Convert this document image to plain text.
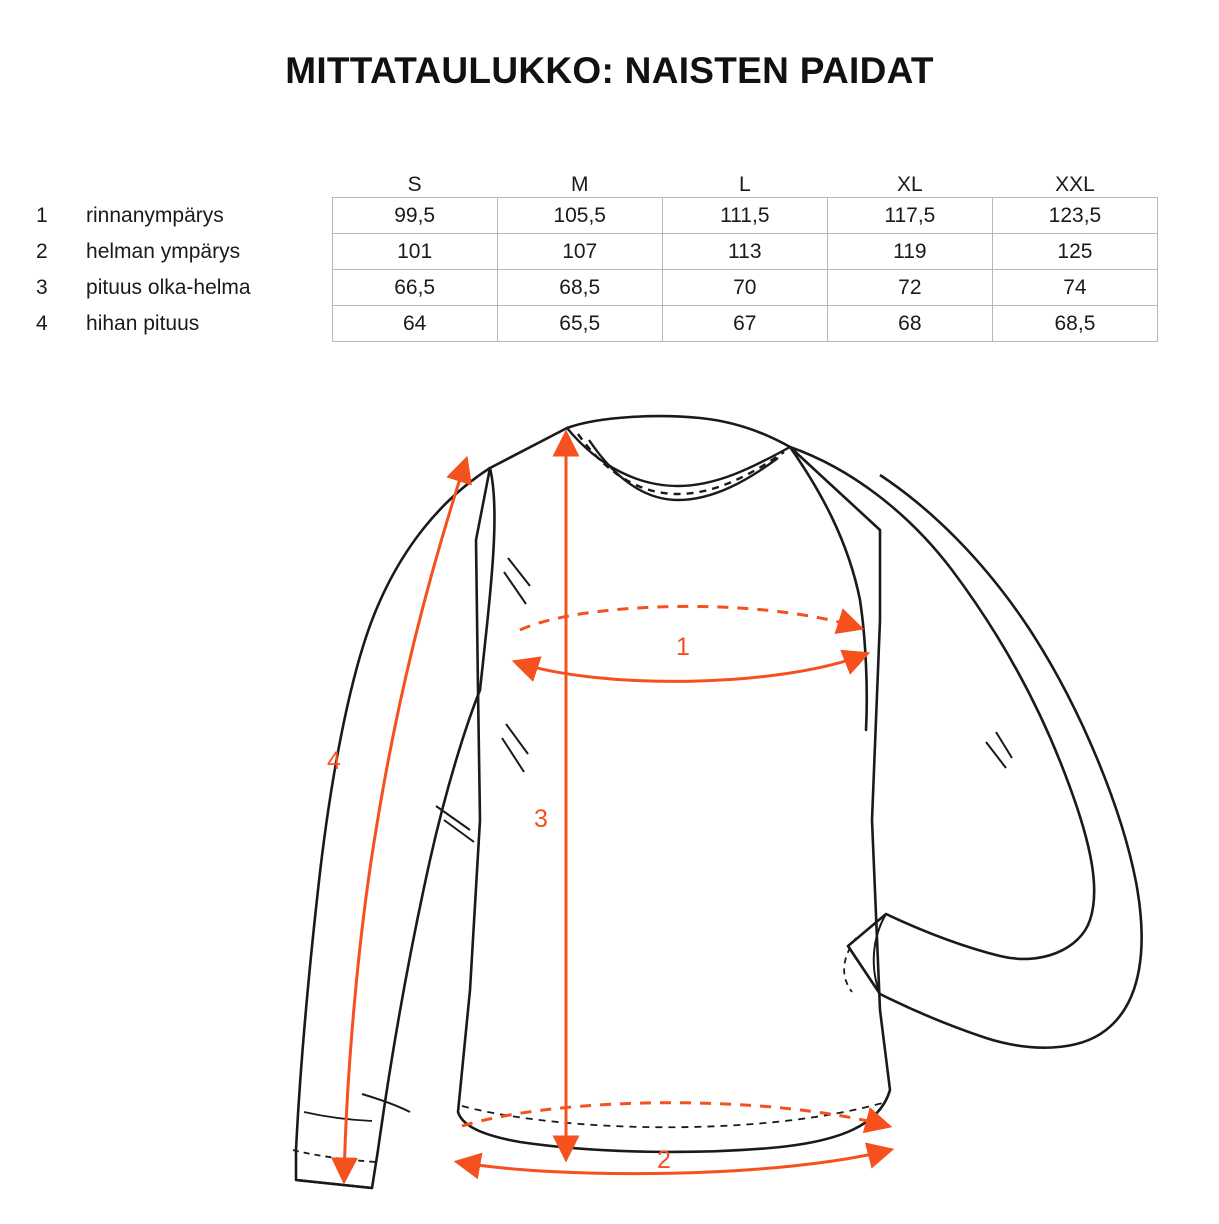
MITTATAULUKKO: NAISTEN PAIDAT
		S	M	L	XL	XXL
1	rinnanympärys	99,5	105,5	111,5	117,5	123,5
2	helman ympärys	101	107	113	119	125
3	pituus olka-helma	66,5	68,5	70	72	74
4	hihan pituus	64	65,5	67	68	68,5
1
2
3
4
